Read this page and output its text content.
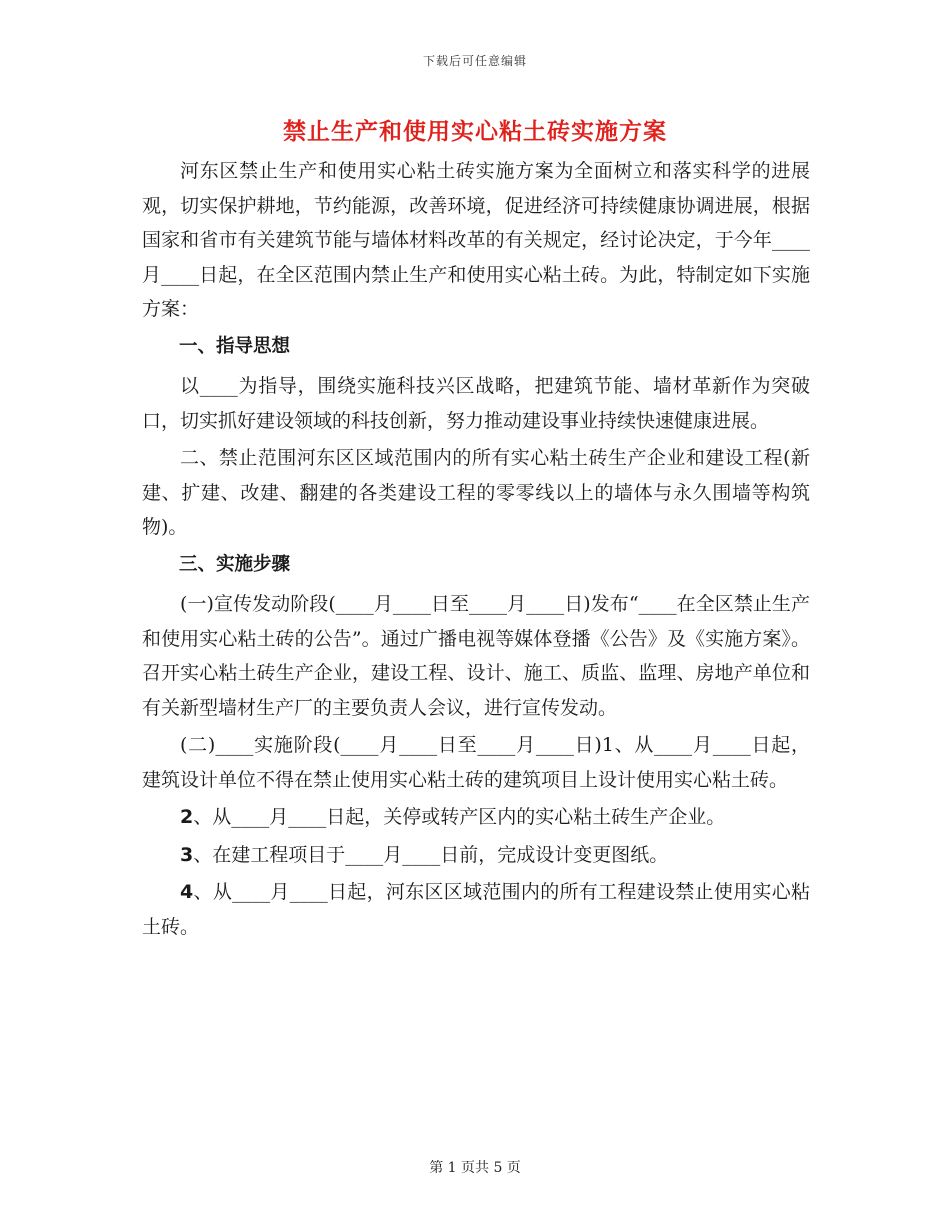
下载后可任意编辑
禁止生产和使用实心粘土砖实施方案

河东区禁止生产和使用实心粘土砖实施方案为全面树立和落实科学的进展观，切实保护耕地，节约能源，改善环境，促进经济可持续健康协调进展，根据国家和省市有关建筑节能与墙体材料改革的有关规定，经讨论决定，于今年____月____日起，在全区范围内禁止生产和使用实心粘土砖。为此，特制定如下实施方案：

一、指导思想

以____为指导，围绕实施科技兴区战略，把建筑节能、墙材革新作为突破口，切实抓好建设领域的科技创新，努力推动建设事业持续快速健康进展。

二、禁止范围河东区区域范围内的所有实心粘土砖生产企业和建设工程(新建、扩建、改建、翻建的各类建设工程的零零线以上的墙体与永久围墙等构筑物)。

三、实施步骤

(一)宣传发动阶段(____月____日至____月____日)发布“____在全区禁止生产和使用实心粘土砖的公告”。通过广播电视等媒体登播《公告》及《实施方案》。召开实心粘土砖生产企业，建设工程、设计、施工、质监、监理、房地产单位和有关新型墙材生产厂的主要负责人会议，进行宣传发动。

(二)____实施阶段(____月____日至____月____日)1、从____月____日起，建筑设计单位不得在禁止使用实心粘土砖的建筑项目上设计使用实心粘土砖。

2、从____月____日起，关停或转产区内的实心粘土砖生产企业。

3、在建工程项目于____月____日前，完成设计变更图纸。

4、从____月____日起，河东区区域范围内的所有工程建设禁止使用实心粘土砖。

第 1 页共 5 页
